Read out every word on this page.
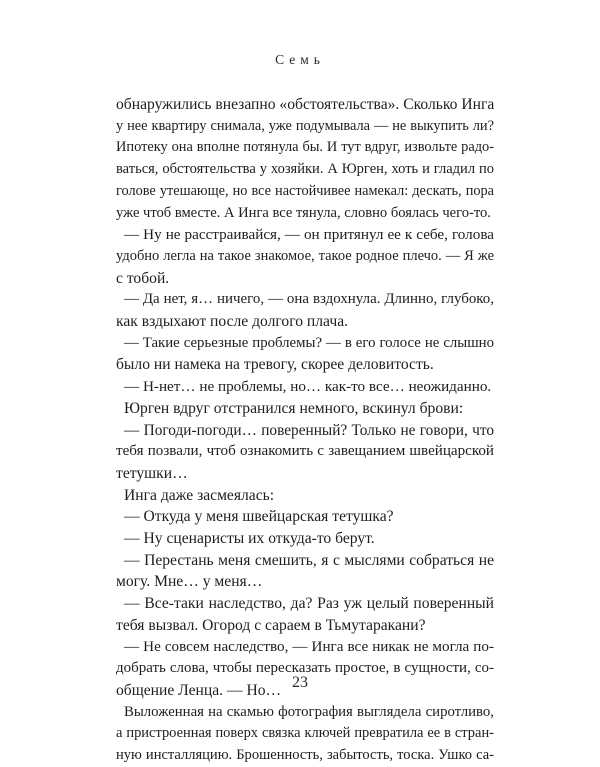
Семь
обнаружились внезапно «обстоятельства». Сколько Инга
у нее квартиру снимала, уже подумывала — не выкупить ли?
Ипотеку она вполне потянула бы. И тут вдруг, извольте радо-
ваться, обстоятельства у хозяйки. А Юрген, хоть и гладил по
голове утешающе, но все настойчивее намекал: дескать, пора
уже чтоб вместе. А Инга все тянула, словно боялась чего-то.
— Ну не расстраивайся, — он притянул ее к себе, голова
удобно легла на такое знакомое, такое родное плечо. — Я же
с тобой.
— Да нет, я… ничего, — она вздохнула. Длинно, глубоко,
как вздыхают после долгого плача.
— Такие серьезные проблемы? — в его голосе не слышно
было ни намека на тревогу, скорее деловитость.
— Н-нет… не проблемы, но… как-то все… неожиданно.
Юрген вдруг отстранился немного, вскинул брови:
— Погоди-погоди… поверенный? Только не говори, что
тебя позвали, чтоб ознакомить с завещанием швейцарской
тетушки…
Инга даже засмеялась:
— Откуда у меня швейцарская тетушка?
— Ну сценаристы их откуда-то берут.
— Перестань меня смешить, я с мыслями собраться не
могу. Мне… у меня…
— Все-таки наследство, да? Раз уж целый поверенный
тебя вызвал. Огород с сараем в Тьмутаракани?
— Не совсем наследство, — Инга все никак не могла по-
добрать слова, чтобы пересказать простое, в сущности, со-
общение Ленца. — Но…
Выложенная на скамью фотография выглядела сиротливо,
а пристроенная поверх связка ключей превратила ее в стран-
ную инсталляцию. Брошенность, забытость, тоска. Ушко са-
23
